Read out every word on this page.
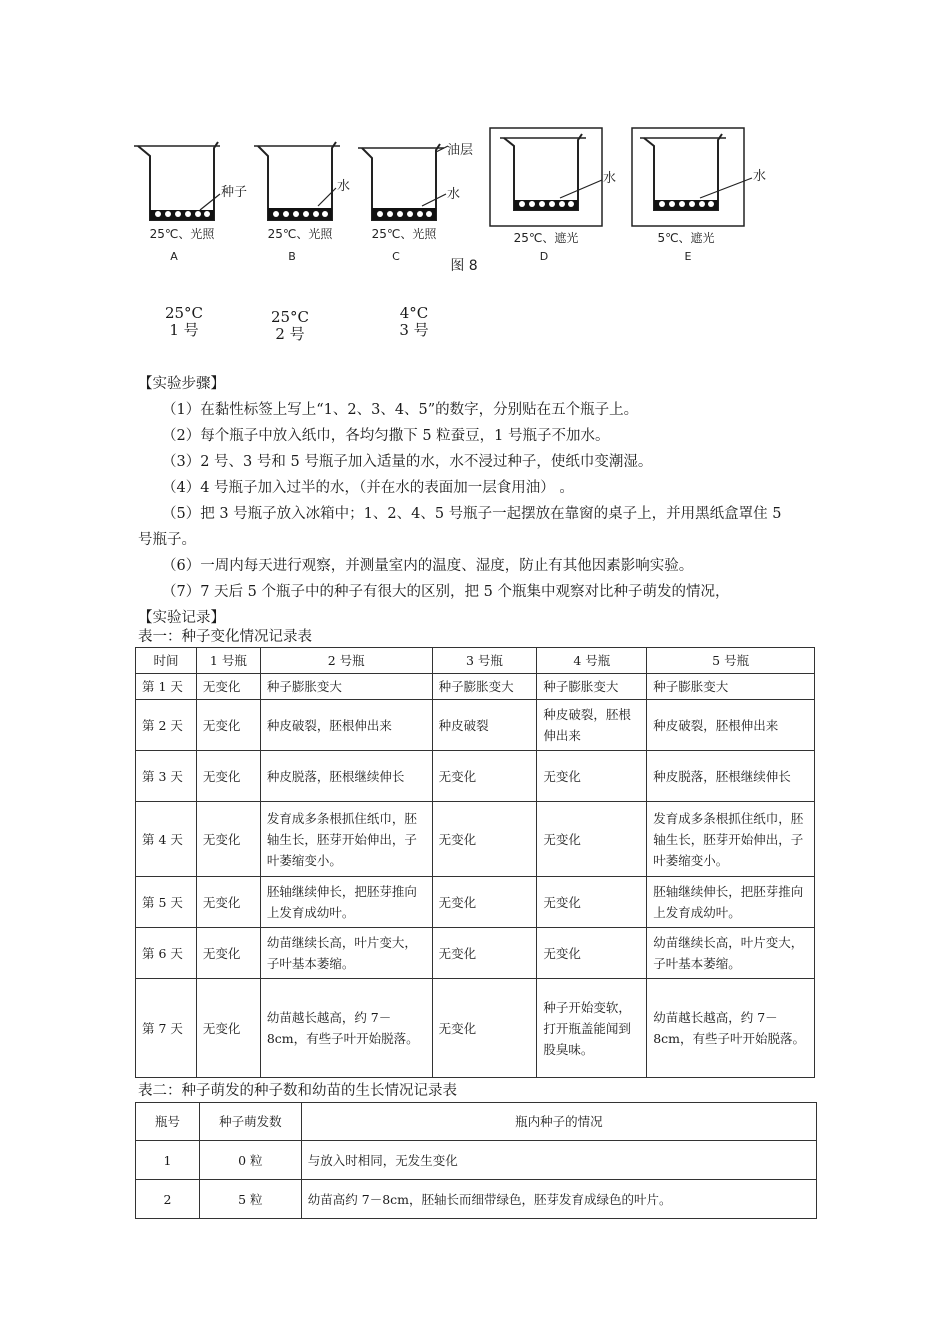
种子	水
油层
水
水	水
25℃、光照	25℃、光照	25℃、光照	25℃、遮光	5℃、遮光
A	B	C	D	E
图 8
25°C
1 号
25°C
2 号
4°C
3 号
【实验步骤】
（1）在黏性标签上写上“1、2、3、4、5”的数字，分别贴在五个瓶子上。
（2）每个瓶子中放入纸巾，各均匀撒下 5 粒蚕豆，1 号瓶子不加水。
（3）2 号、3 号和 5 号瓶子加入适量的水，水不浸过种子，使纸巾变潮湿。
（4）4 号瓶子加入过半的水，（并在水的表面加一层食用油） 。
（5）把 3 号瓶子放入冰箱中；1、2、4、5 号瓶子一起摆放在靠窗的桌子上，并用黑纸盒罩住 5
号瓶子。
（6）一周内每天进行观察，并测量室内的温度、湿度，防止有其他因素影响实验。
（7）7 天后 5 个瓶子中的种子有很大的区别，把 5 个瓶集中观察对比种子萌发的情况，
【实验记录】
表一：种子变化情况记录表
时间	1 号瓶	2 号瓶	3 号瓶	4 号瓶	5 号瓶
第 1 天	无变化	种子膨胀变大	种子膨胀变大	种子膨胀变大	种子膨胀变大
第 2 天	无变化	种皮破裂，胚根伸出来	种皮破裂	种皮破裂，胚根伸出来	种皮破裂，胚根伸出来
第 3 天	无变化	种皮脱落，胚根继续伸长	无变化	无变化	种皮脱落，胚根继续伸长
第 4 天	无变化	发育成多条根抓住纸巾，胚轴生长，胚芽开始伸出，子叶萎缩变小。	无变化	无变化	发育成多条根抓住纸巾，胚轴生长，胚芽开始伸出，子叶萎缩变小。
第 5 天	无变化	胚轴继续伸长，把胚芽推向上发育成幼叶。	无变化	无变化	胚轴继续伸长，把胚芽推向上发育成幼叶。
第 6 天	无变化	幼苗继续长高，叶片变大，子叶基本萎缩。	无变化	无变化	幼苗继续长高，叶片变大，子叶基本萎缩。
第 7 天	无变化	幼苗越长越高，约 7－8cm，有些子叶开始脱落。	无变化	种子开始变软，打开瓶盖能闻到股臭味。	幼苗越长越高，约 7－8cm，有些子叶开始脱落。
表二：种子萌发的种子数和幼苗的生长情况记录表
瓶号	种子萌发数	瓶内种子的情况
1	0 粒	与放入时相同，无发生变化
2	5 粒	幼苗高约 7－8cm，胚轴长而细带绿色，胚芽发育成绿色的叶片。
